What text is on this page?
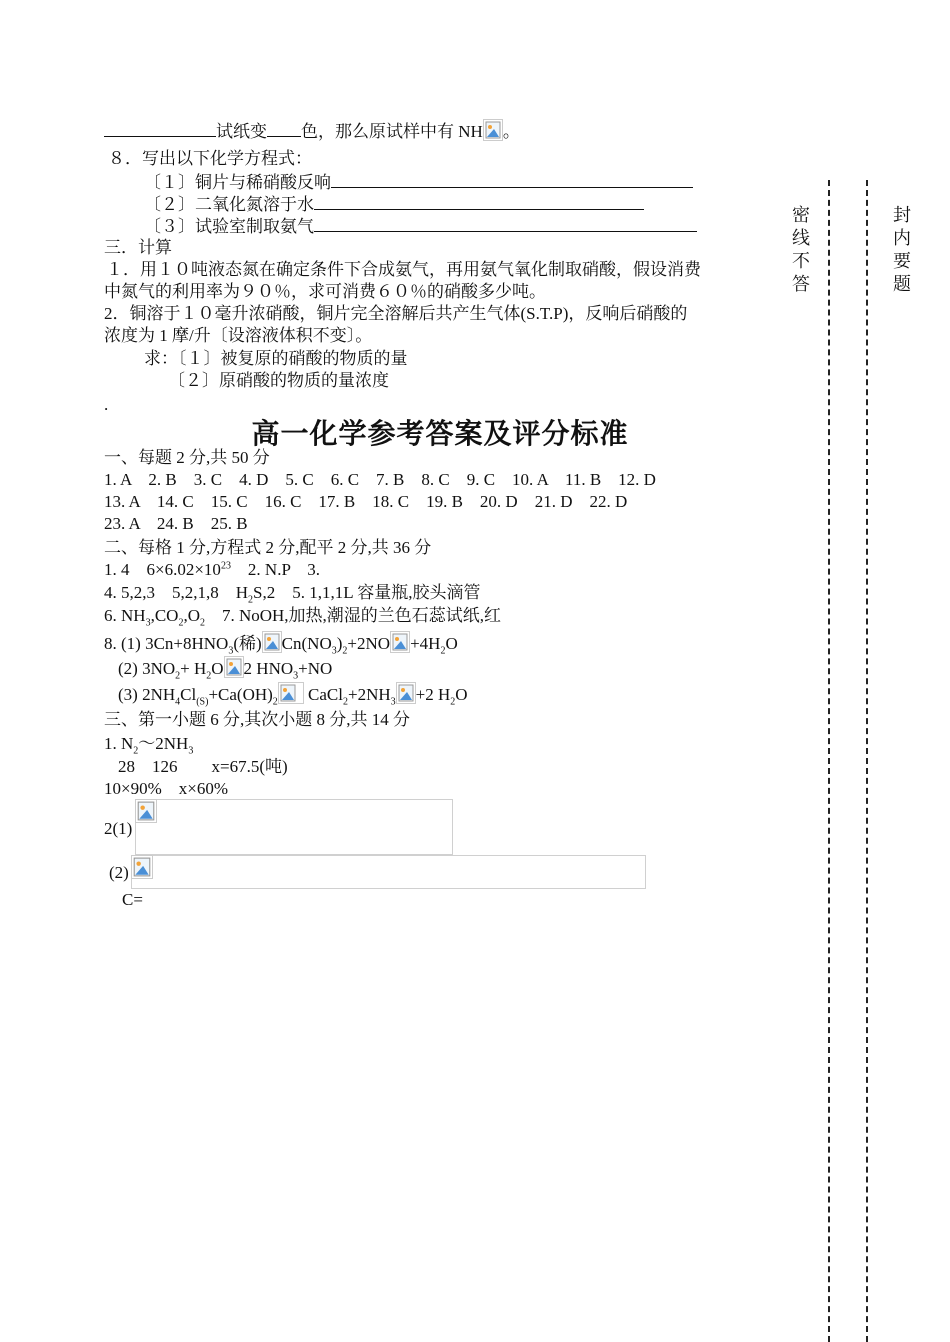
试纸变 色，那么原试样中有 NH 。
８．写出以下化学方程式：
〔１〕铜片与稀硝酸反响
〔２〕二氧化氮溶于水
〔３〕试验室制取氨气
三．计算
１．用１０吨液态氮在确定条件下合成氨气，再用氨气氧化制取硝酸，假设消费
中氮气的利用率为９０％，求可消费６０％的硝酸多少吨。
2．铜溶于１０毫升浓硝酸，铜片完全溶解后共产生气体(S.T.P)，反响后硝酸的
浓度为 1 摩/升〔设溶液体积不变〕。
求：〔１〕被复原的硝酸的物质的量
〔２〕原硝酸的物质的量浓度
.
高一化学参考答案及评分标准
一、每题 2 分,共 50 分
1. A　2. B　3. C　4. D　5. C　6. C　7. B　8. C　9. C　10. A　11. B　12. D
13. A　14. C　15. C　16. C　17. B　18. C　19. B　20. D　21. D　22. D
23. A　24. B　25. B
二、每格 1 分,方程式 2 分,配平 2 分,共 36 分
1. 4　$6\times 6.02\times 10^{23}$　2. N.P　3.
4. 5,2,3　5,2,1,8　$H_2S,2$　5. 1,1,1L 容量瓶,胶头滴管
6. $NH_3,CO_2,O_2$　7. NoOH,加热,潮湿的兰色石蕊试纸,红
8. (1) $3Cn+8HNO_3$(稀) $Cn(NO_3)_2+2NO +4H_2O$
(2) $3NO_2+ H_2O$ 2 $HNO_3+NO$
(3) $2NH_4Cl_{(S)}+Ca(OH)_2$ $CaCl_2+2NH_3 +2$ $H_2O$
三、第一小题 6 分,其次小题 8 分,共 14 分
1. $N_2\sim 2NH_3$
28　126　　x=67.5(吨)
10×90%　x×60%
2(1)
(2)
C=
密
线
不
答
封
内
要
题
